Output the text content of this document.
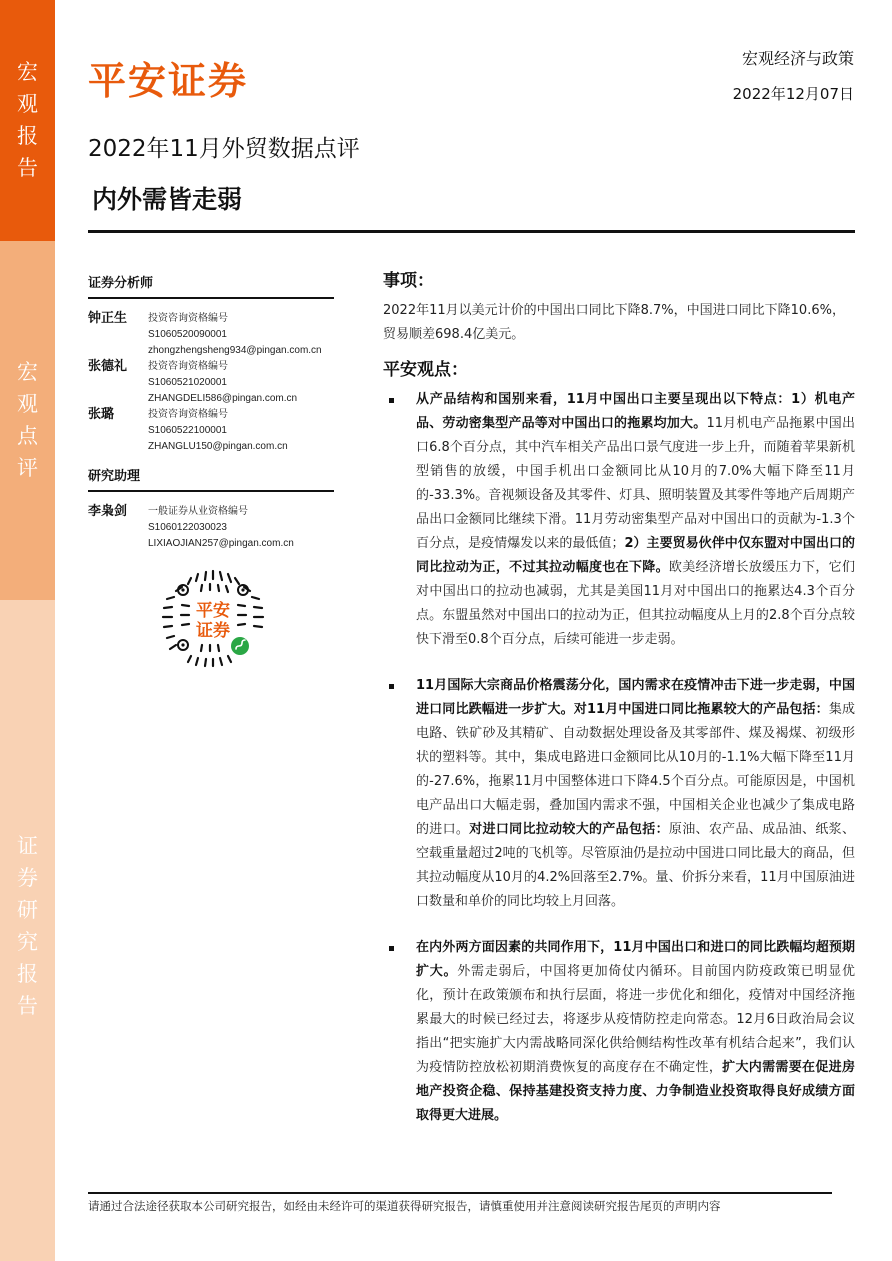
宏观报告
宏观点评
证券研究报告
平安证券
宏观经济与政策
2022年12月07日
2022年11月外贸数据点评
内外需皆走弱
证券分析师
钟正生	投资咨询资格编号
S1060520090001
zhongzhengsheng934@pingan.com.cn
张德礼	投资咨询资格编号
S1060521020001
ZHANGDELI586@pingan.com.cn
张璐	投资咨询资格编号
S1060522100001
ZHANGLU150@pingan.com.cn
研究助理
李枭剑	一般证券从业资格编号
S1060122030023
LIXIAOJIAN257@pingan.com.cn
平安
证券
事项：

2022年11月以美元计价的中国出口同比下降8.7%，中国进口同比下降10.6%，贸易顺差698.4亿美元。

平安观点：
从产品结构和国别来看，11月中国出口主要呈现出以下特点：1）机电产品、劳动密集型产品等对中国出口的拖累均加大。11月机电产品拖累中国出口6.8个百分点，其中汽车相关产品出口景气度进一步上升，而随着苹果新机型销售的放缓，中国手机出口金额同比从10月的7.0%大幅下降至11月的-33.3%。音视频设备及其零件、灯具、照明装置及其零件等地产后周期产品出口金额同比继续下滑。11月劳动密集型产品对中国出口的贡献为-1.3个百分点，是疫情爆发以来的最低值；2）主要贸易伙伴中仅东盟对中国出口的同比拉动为正，不过其拉动幅度也在下降。欧美经济增长放缓压力下，它们对中国出口的拉动也减弱，尤其是美国11月对中国出口的拖累达4.3个百分点。东盟虽然对中国出口的拉动为正，但其拉动幅度从上月的2.8个百分点较快下滑至0.8个百分点，后续可能进一步走弱。
11月国际大宗商品价格震荡分化，国内需求在疫情冲击下进一步走弱，中国进口同比跌幅进一步扩大。对11月中国进口同比拖累较大的产品包括：集成电路、铁矿砂及其精矿、自动数据处理设备及其零部件、煤及褐煤、初级形状的塑料等。其中，集成电路进口金额同比从10月的-1.1%大幅下降至11月的-27.6%，拖累11月中国整体进口下降4.5个百分点。可能原因是，中国机电产品出口大幅走弱，叠加国内需求不强，中国相关企业也减少了集成电路的进口。对进口同比拉动较大的产品包括：原油、农产品、成品油、纸浆、空载重量超过2吨的飞机等。尽管原油仍是拉动中国进口同比最大的商品，但其拉动幅度从10月的4.2%回落至2.7%。量、价拆分来看，11月中国原油进口数量和单价的同比均较上月回落。
在内外两方面因素的共同作用下，11月中国出口和进口的同比跌幅均超预期扩大。外需走弱后，中国将更加倚仗内循环。目前国内防疫政策已明显优化，预计在政策颁布和执行层面，将进一步优化和细化，疫情对中国经济拖累最大的时候已经过去，将逐步从疫情防控走向常态。12月6日政治局会议指出“把实施扩大内需战略同深化供给侧结构性改革有机结合起来”，我们认为疫情防控放松初期消费恢复的高度存在不确定性，扩大内需需要在促进房地产投资企稳、保持基建投资支持力度、力争制造业投资取得良好成绩方面取得更大进展。
请通过合法途径获取本公司研究报告，如经由未经许可的渠道获得研究报告，请慎重使用并注意阅读研究报告尾页的声明内容
